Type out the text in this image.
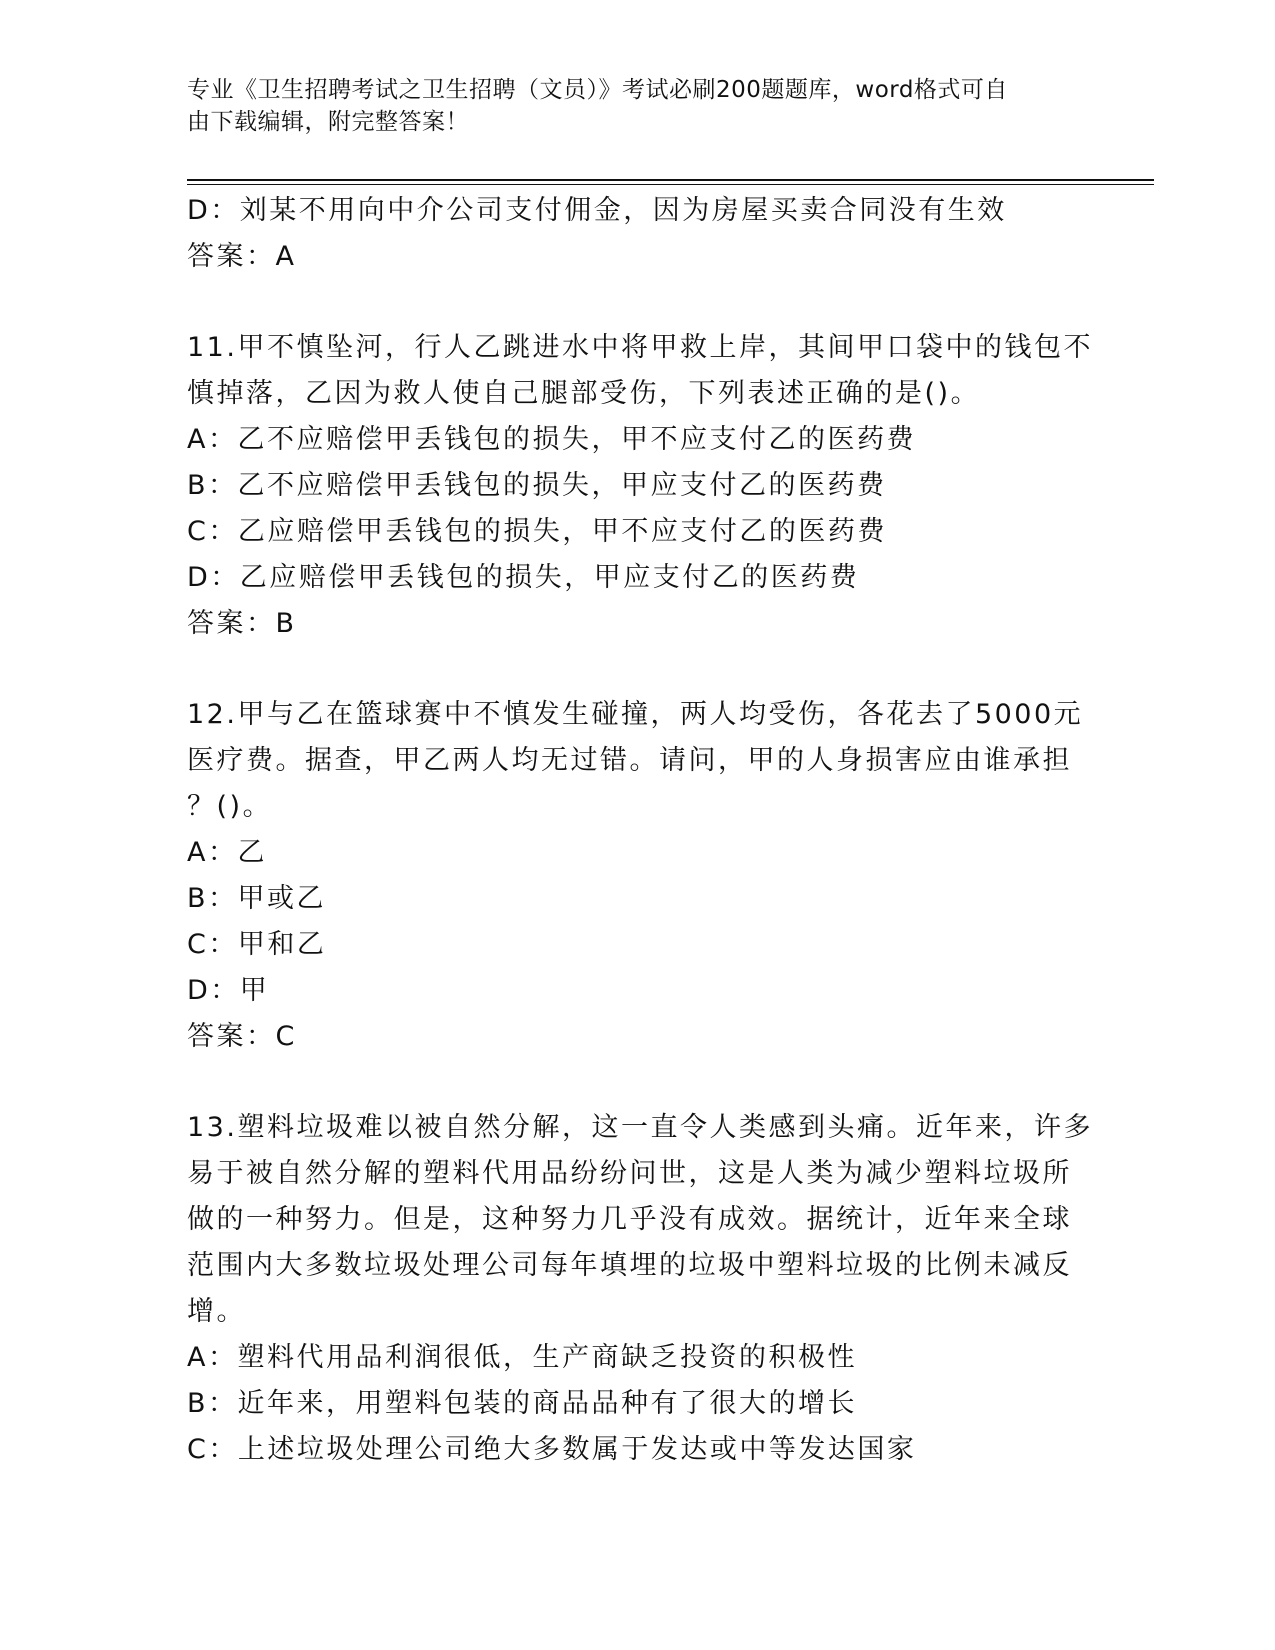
专业《卫生招聘考试之卫生招聘（文员）》考试必刷200题题库，word格式可自
由下载编辑，附完整答案！
D：刘某不用向中介公司支付佣金，因为房屋买卖合同没有生效
答案：A
11.甲不慎坠河，行人乙跳进水中将甲救上岸，其间甲口袋中的钱包不
慎掉落，乙因为救人使自己腿部受伤，下列表述正确的是()。
A：乙不应赔偿甲丢钱包的损失，甲不应支付乙的医药费
B：乙不应赔偿甲丢钱包的损失，甲应支付乙的医药费
C：乙应赔偿甲丢钱包的损失，甲不应支付乙的医药费
D：乙应赔偿甲丢钱包的损失，甲应支付乙的医药费
答案：B
12.甲与乙在篮球赛中不慎发生碰撞，两人均受伤，各花去了5000元
医疗费。据查，甲乙两人均无过错。请问，甲的人身损害应由谁承担
？()。
A：乙
B：甲或乙
C：甲和乙
D：甲
答案：C
13.塑料垃圾难以被自然分解，这一直令人类感到头痛。近年来，许多
易于被自然分解的塑料代用品纷纷问世，这是人类为减少塑料垃圾所
做的一种努力。但是，这种努力几乎没有成效。据统计，近年来全球
范围内大多数垃圾处理公司每年填埋的垃圾中塑料垃圾的比例未减反
增。
A：塑料代用品利润很低，生产商缺乏投资的积极性
B：近年来，用塑料包装的商品品种有了很大的增长
C：上述垃圾处理公司绝大多数属于发达或中等发达国家
